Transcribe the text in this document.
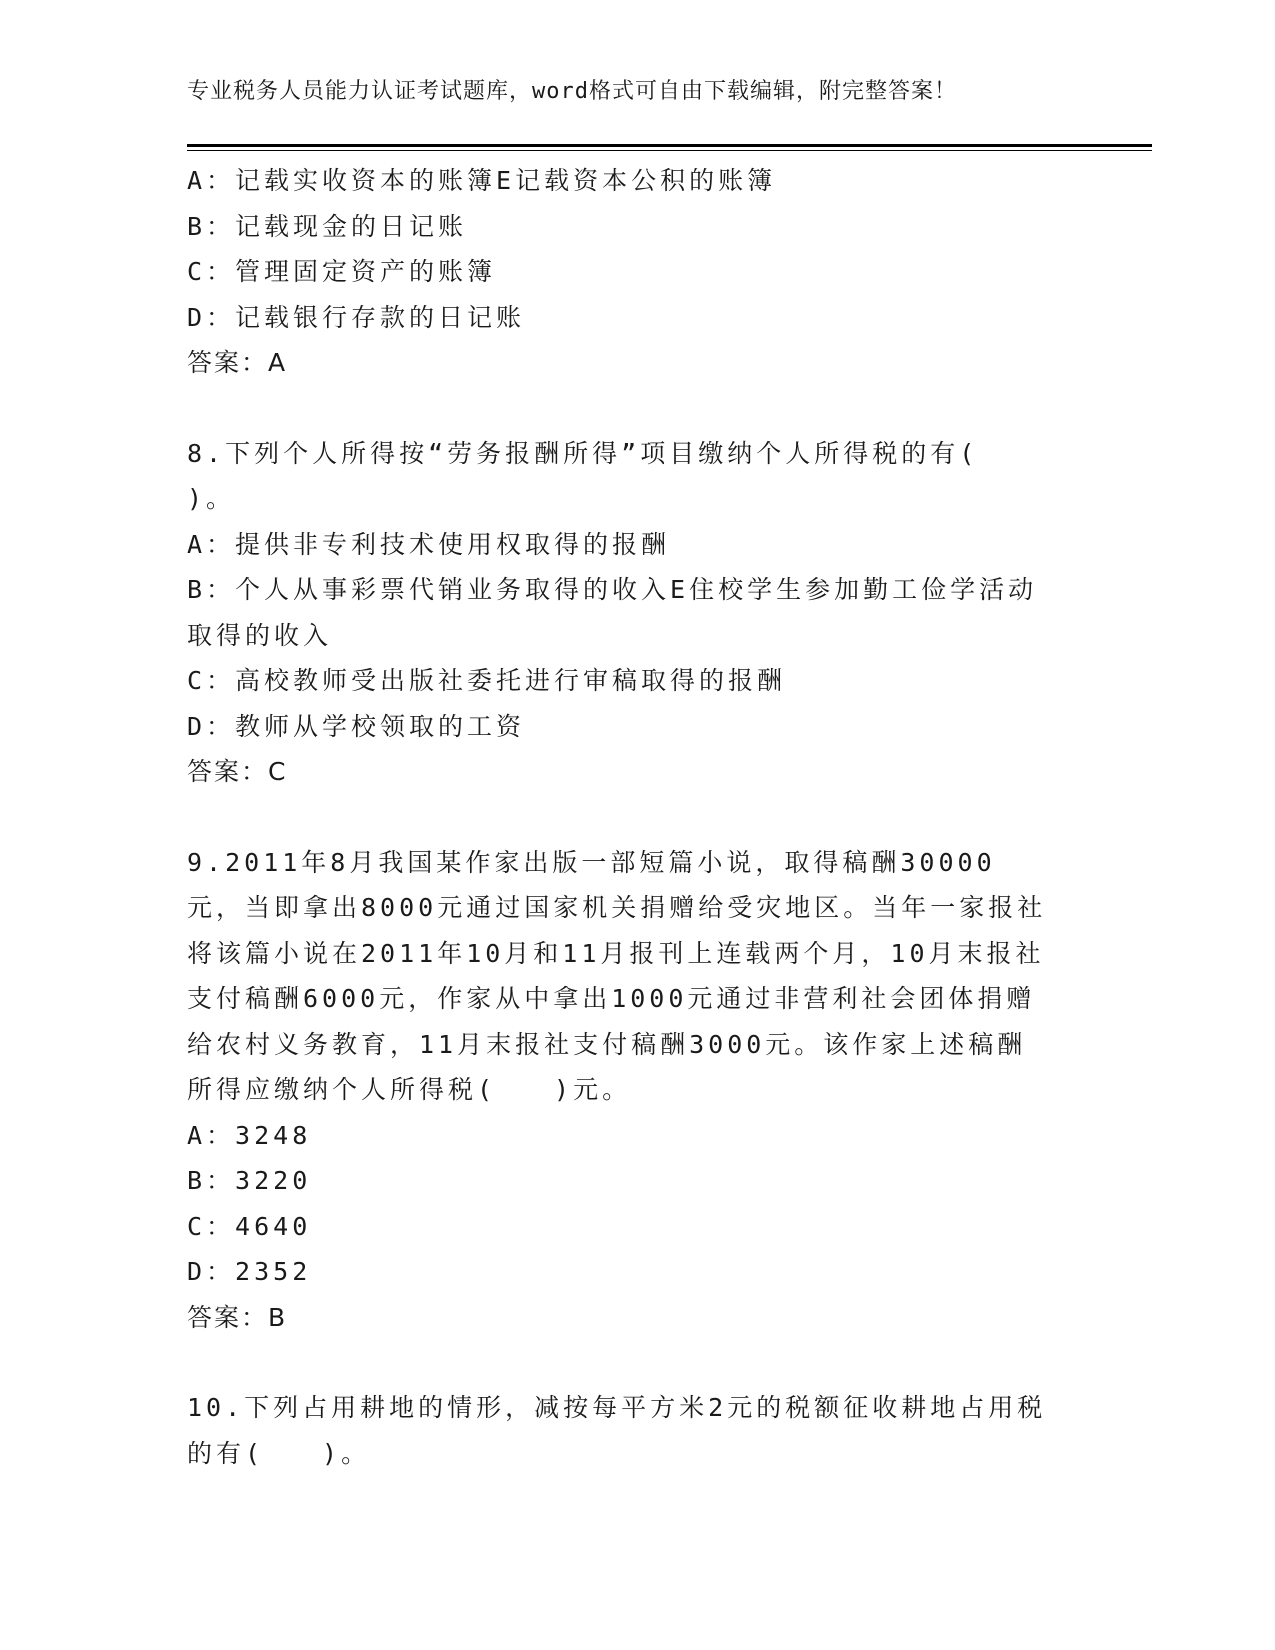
专业税务人员能力认证考试题库，word格式可自由下载编辑，附完整答案！
A：记载实收资本的账簿E记载资本公积的账簿
B：记载现金的日记账
C：管理固定资产的账簿
D：记载银行存款的日记账
答案：A
8.下列个人所得按“劳务报酬所得”项目缴纳个人所得税的有(　　)。
A：提供非专利技术使用权取得的报酬
B：个人从事彩票代销业务取得的收入E住校学生参加勤工俭学活动取得的收入
C：高校教师受出版社委托进行审稿取得的报酬
D：教师从学校领取的工资
答案：C
9.2011年8月我国某作家出版一部短篇小说，取得稿酬30000元，当即拿出8000元通过国家机关捐赠给受灾地区。当年一家报社将该篇小说在2011年10月和11月报刊上连载两个月，10月末报社支付稿酬6000元，作家从中拿出1000元通过非营利社会团体捐赠给农村义务教育，11月末报社支付稿酬3000元。该作家上述稿酬所得应缴纳个人所得税(　　)元。
A：3248
B：3220
C：4640
D：2352
答案：B
10.下列占用耕地的情形，减按每平方米2元的税额征收耕地占用税的有(　　)。
